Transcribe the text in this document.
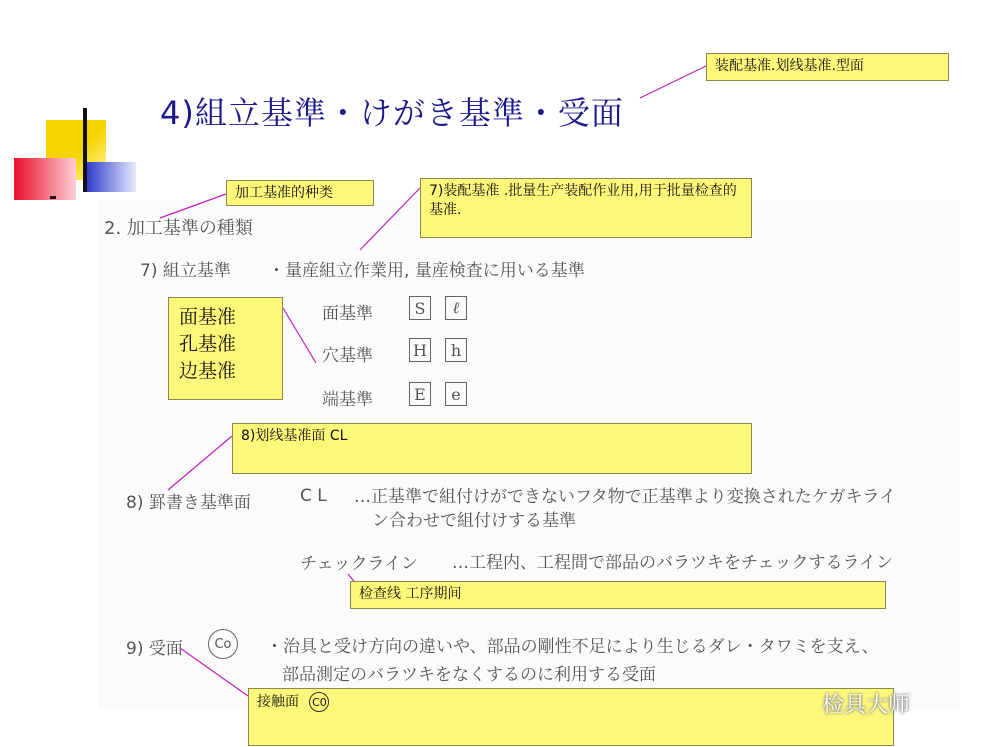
4)組立基準・けがき基準・受面
2. 加工基準の種類
7) 組立基準 ・量産組立作業用, 量産検査に用いる基準
面基準	S	ℓ
穴基準	H	h
端基準	E	e
8) 罫書き基準面	C L …正基準で組付けができないフタ物で正基準より変換されたケガキライ
ン合わせで組付けする基準
チェックライン …工程内、工程間で部品のバラツキをチェックするライン
9) 受面	Co	・治具と受け方向の違いや、部品の剛性不足により生じるダレ・タワミを支え、
部品測定のバラツキをなくするのに利用する受面
装配基准.划线基准.型面
加工基准的种类	7)装配基准 .批量生产装配作业用,用于批量检查的基准.
面基准
孔基准
边基准
8)划线基准面 CL
检查线 工序期间
接触面 C0	检具大师
